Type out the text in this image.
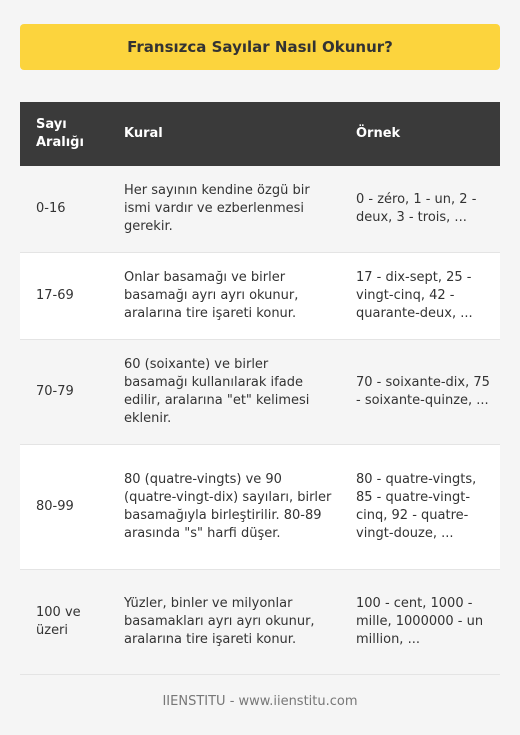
Fransızca Sayılar Nasıl Okunur?
Sayı Aralığı	Kural	Örnek
0-16	Her sayının kendine özgü bir ismi vardır ve ezberlenmesi gerekir.	0 - zéro, 1 - un, 2 - deux, 3 - trois, ...
17-69	Onlar basamağı ve birler basamağı ayrı ayrı okunur, aralarına tire işareti konur.	17 - dix-sept, 25 - vingt-cinq, 42 - quarante-deux, ...
70-79	60 (soixante) ve birler basamağı kullanılarak ifade edilir, aralarına "et" kelimesi eklenir.	70 - soixante-dix, 75 - soixante-quinze, ...
80-99	80 (quatre-vingts) ve 90 (quatre-vingt-dix) sayıları, birler basamağıyla birleştirilir. 80-89 arasında "s" harfi düşer.	80 - quatre-vingts, 85 - quatre-vingt-cinq, 92 - quatre-vingt-douze, ...
100 ve üzeri	Yüzler, binler ve milyonlar basamakları ayrı ayrı okunur, aralarına tire işareti konur.	100 - cent, 1000 - mille, 1000000 - un million, ...
IIENSTITU - www.iienstitu.com
